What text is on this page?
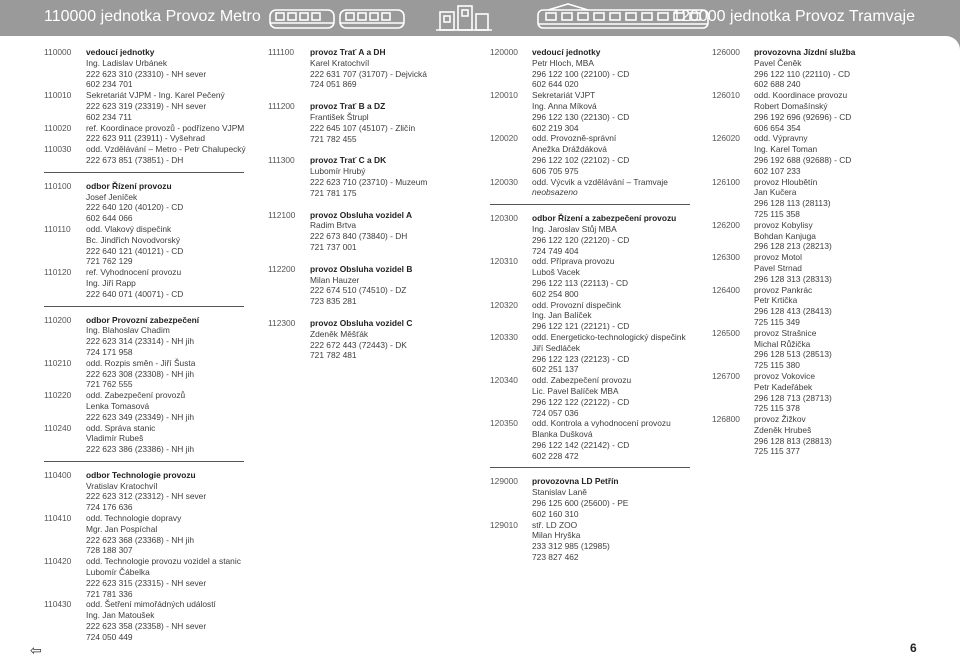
110000 jednotka Provoz Metro	120000 jednotka Provoz Tramvaje
110000	vedoucí jednotky
Ing. Ladislav Urbánek
222 623 310 (23310) - NH sever
602 234 701
110010	Sekretariát VJPM - Ing. Karel Pečený
222 623 319 (23319) - NH sever
602 234 711
110020	ref. Koordinace provozů - podřízeno VJPM
222 623 911 (23911) - Vyšehrad
110030	odd. Vzdělávání – Metro - Petr Chalupecký
222 673 851 (73851) - DH
110100	odbor Řízení provozu
Josef Jeníček
222 640 120 (40120) - CD
602 644 066
110110	odd. Vlakový dispečink
Bc. Jindřich Novodvorský
222 640 121 (40121) - CD
721 762 129
110120	ref. Vyhodnocení provozu
Ing. Jiří Rapp
222 640 071 (40071) - CD
110200	odbor Provozní zabezpečení
Ing. Blahoslav Chadim
222 623 314 (23314) - NH jih
724 171 958
110210	odd. Rozpis směn - Jiří Šusta
222 623 308 (23308) - NH jih
721 762 555
110220	odd. Zabezpečení provozů
Lenka Tomasová
222 623 349 (23349) - NH jih
110240	odd. Správa stanic
Vladimír Rubeš
222 623 386 (23386) - NH jih
110400	odbor Technologie provozu
Vratislav Kratochvíl
222 623 312 (23312) - NH sever
724 176 636
110410	odd. Technologie dopravy
Mgr. Jan Pospíchal
222 623 368 (23368) - NH jih
728 188 307
110420	odd. Technologie provozu vozidel a stanic
Lubomír Čábelka
222 623 315 (23315) - NH sever
721 781 336
110430	odd. Šetření mimořádných událostí
Ing. Jan Matoušek
222 623 358 (23358) - NH sever
724 050 449
111100	provoz Trať A a DH
Karel Kratochvíl
222 631 707 (31707) - Dejvická
724 051 869
111200	provoz Trať B a DZ
František Štrupl
222 645 107 (45107) - Zličín
721 782 455
111300	provoz Trať C a DK
Lubomír Hrubý
222 623 710 (23710) - Muzeum
721 781 175
112100	provoz Obsluha vozidel A
Radim Brtva
222 673 840 (73840) - DH
721 737 001
112200	provoz Obsluha vozidel B
Milan Hauzer
222 674 510 (74510) - DZ
723 835 281
112300	provoz Obsluha vozidel C
Zdeněk Měšťák
222 672 443 (72443) - DK
721 782 481
120000	vedoucí jednotky
Petr Hloch, MBA
296 122 100 (22100) - CD
602 644 020
120010	Sekretariát VJPT
Ing. Anna Míková
296 122 130 (22130) - CD
602 219 304
120020	odd. Provozně-správní
Anežka Dráždáková
296 122 102 (22102) - CD
606 705 975
120030	odd. Výcvik a vzdělávání – Tramvaje
neobsazeno
120300	odbor Řízení a zabezpečení provozu
Ing. Jaroslav Stůj MBA
296 122 120 (22120) - CD
724 749 404
120310	odd. Příprava provozu
Luboš Vacek
296 122 113 (22113) - CD
602 254 800
120320	odd. Provozní dispečink
Ing. Jan Balíček
296 122 121 (22121) - CD
120330	odd. Energeticko-technologický dispečink
Jiří Sedláček
296 122 123 (22123) - CD
602 251 137
120340	odd. Zabezpečení provozu
Lic. Pavel Balíček MBA
296 122 122 (22122) - CD
724 057 036
120350	odd. Kontrola a vyhodnocení provozu
Blanka Dušková
296 122 142 (22142) - CD
602 228 472
129000	provozovna LD Petřín
Stanislav Laně
296 125 600 (25600) - PE
602 160 310
129010	stř. LD ZOO
Milan Hryška
233 312 985 (12985)
723 827 462
126000	provozovna Jízdní služba
Pavel Čeněk
296 122 110 (22110) - CD
602 688 240
126010	odd. Koordinace provozu
Robert Domašínský
296 192 696 (92696) - CD
606 654 354
126020	odd. Výpravny
Ing. Karel Toman
296 192 688 (92688) - CD
602 107 233
126100	provoz Hloubětín
Jan Kučera
296 128 113 (28113)
725 115 358
126200	provoz Kobylisy
Bohdan Kanjuga
296 128 213 (28213)
126300	provoz Motol
Pavel Strnad
296 128 313 (28313)
126400	provoz Pankrác
Petr Krtička
296 128 413 (28413)
725 115 349
126500	provoz Strašnice
Michal Růžička
296 128 513 (28513)
725 115 380
126700	provoz Vokovice
Petr Kadeřábek
296 128 713 (28713)
725 115 378
126800	provoz Žižkov
Zdeněk Hrubeš
296 128 813 (28813)
725 115 377
⇦	6
